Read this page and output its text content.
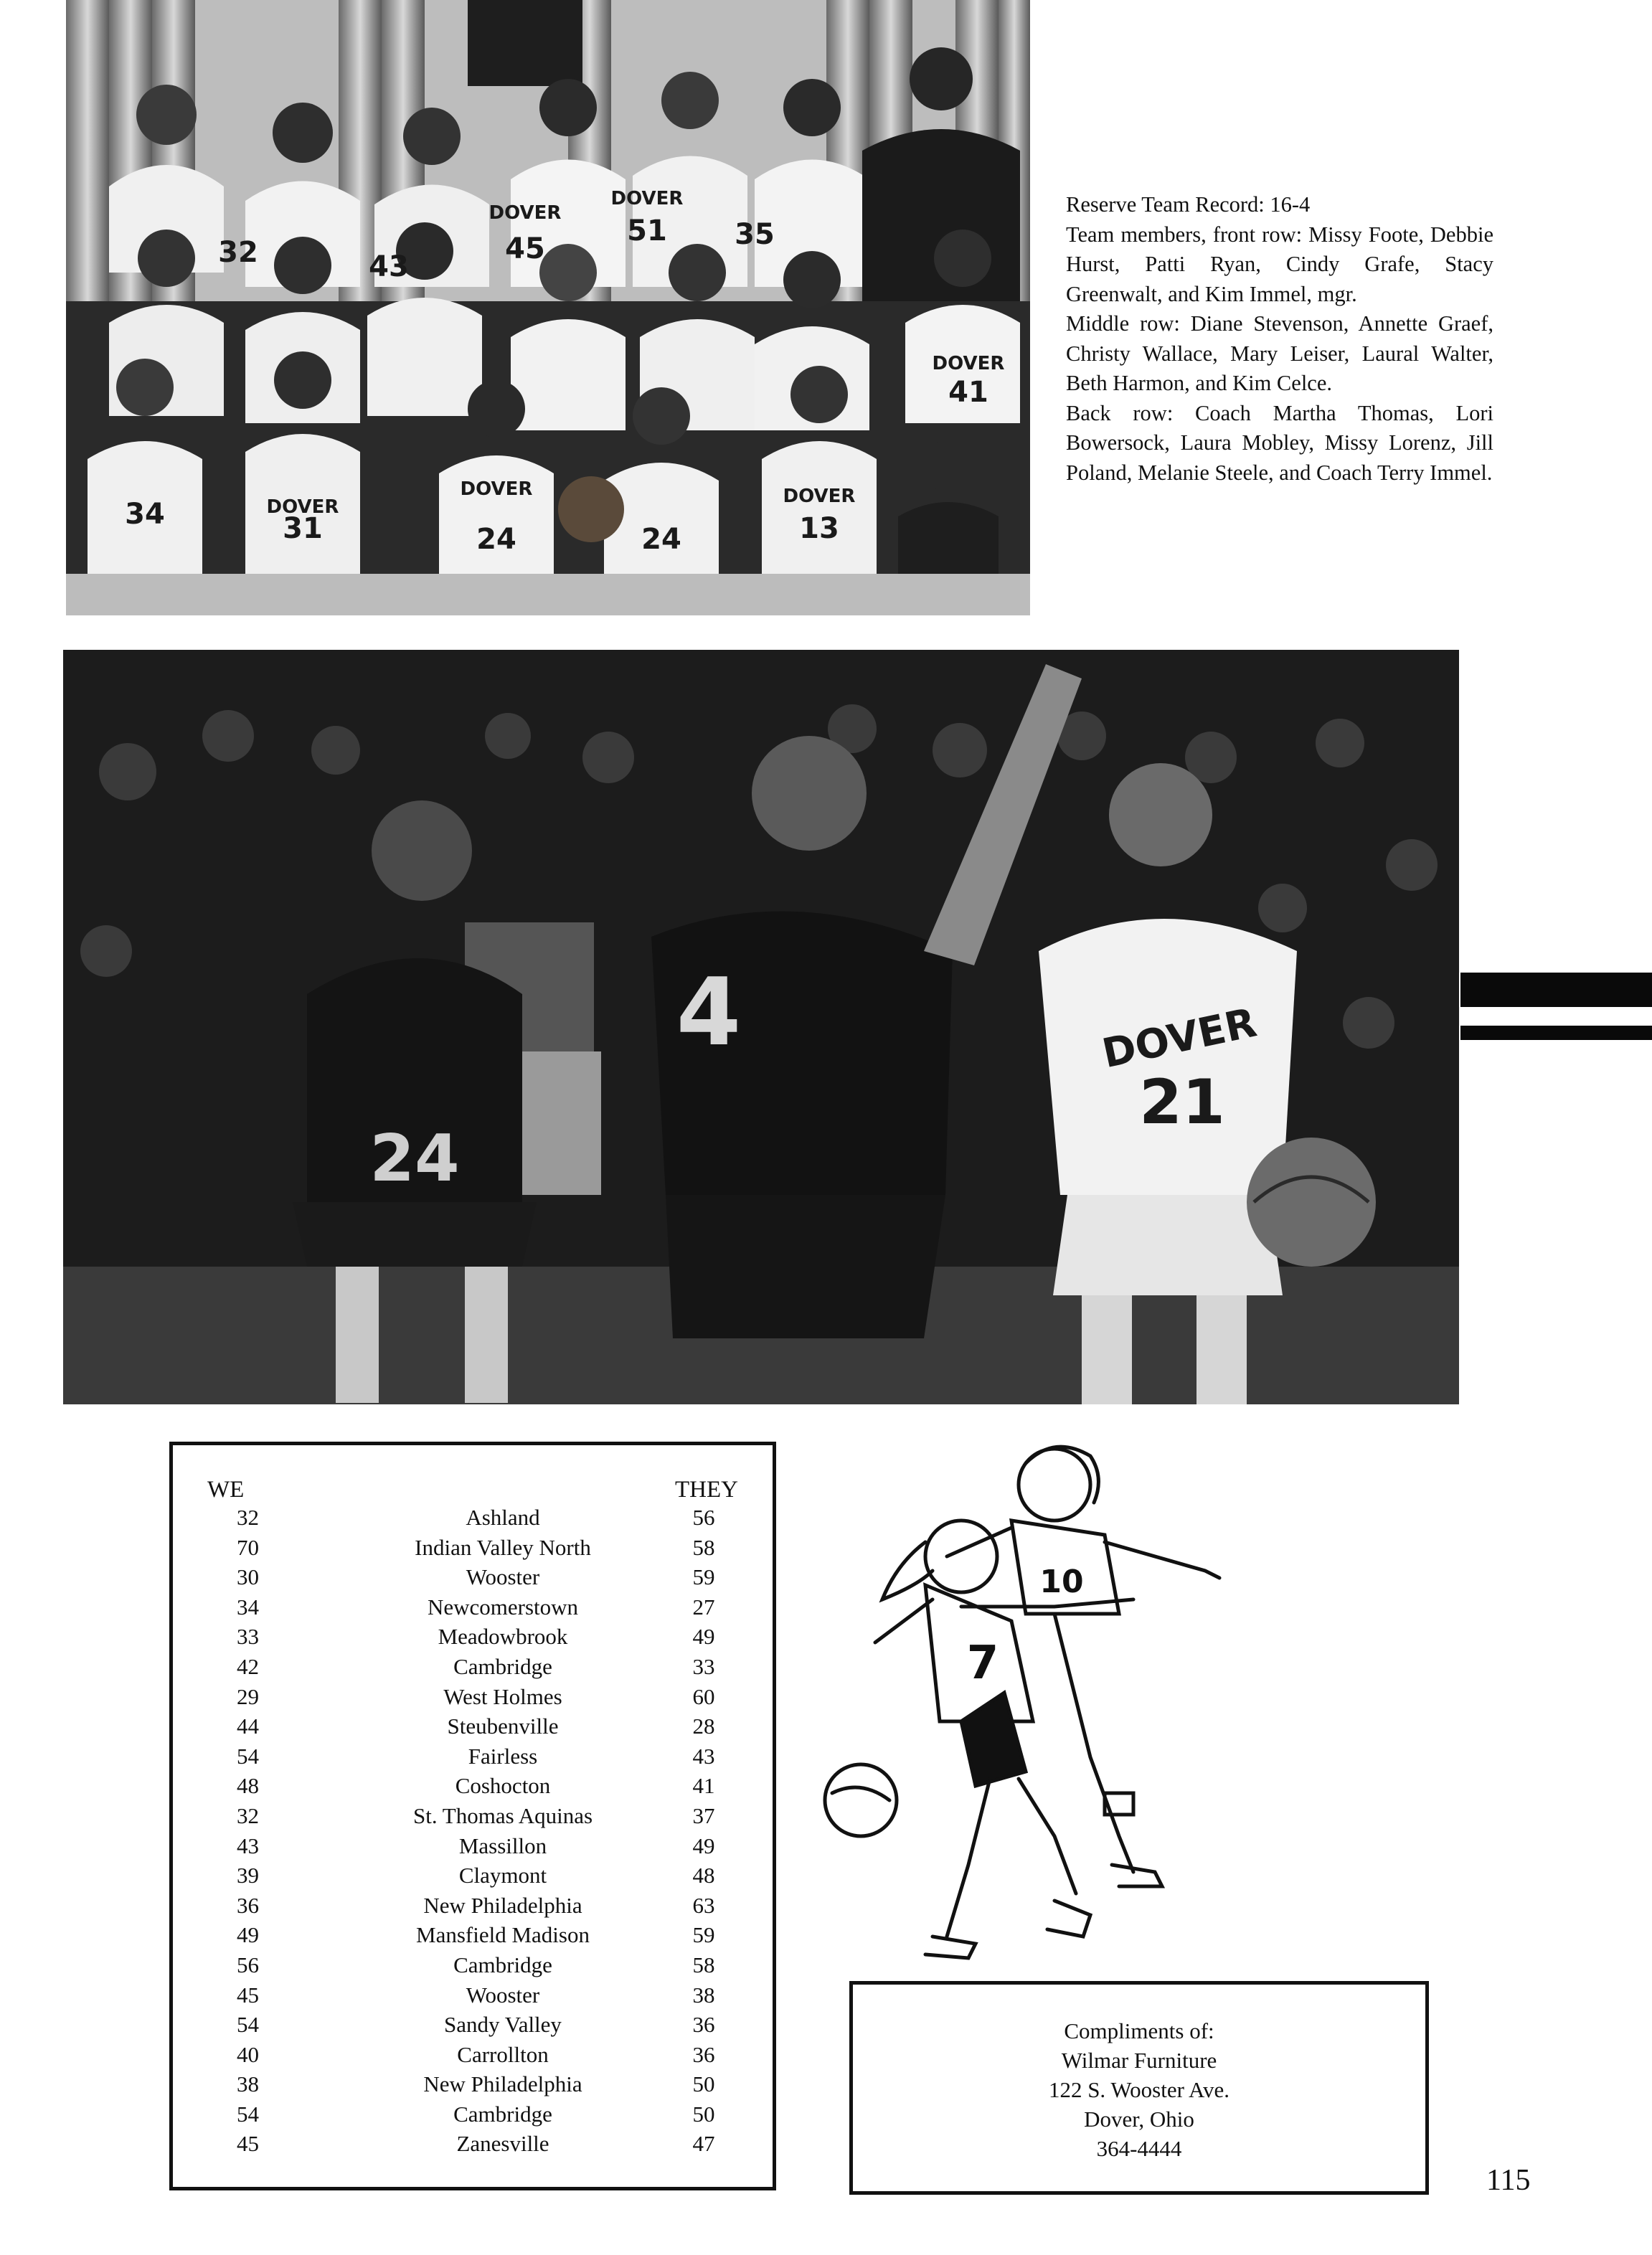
32	43
45
51 35
41
34	31	24	24	13
DOVER
DOVER
DOVER
DOVER
DOVER	DOVER

Reserve Team Record: 16-4

Team members, front row: Missy Foote, Debbie Hurst, Patti Ryan, Cindy Grafe, Stacy Greenwalt, and Kim Immel, mgr.

Middle row: Diane Stevenson, Annette Graef, Christy Wallace, Mary Leiser, Laural Walter, Beth Harmon, and Kim Celce.

Back row: Coach Martha Thomas, Lori Bowersock, Laura Mobley, Missy Lorenz, Jill Poland, Melanie Steele, and Coach Terry Immel.

DOVER
21
24
4
WE	THEY
32	Ashland	56
70	Indian Valley North	58
30	Wooster	59
34	Newcomerstown	27
33	Meadowbrook	49
42	Cambridge	33
29	West Holmes	60
44	Steubenville	28
54	Fairless	43
48	Coshocton	41
32	St. Thomas Aquinas	37
43	Massillon	49
39	Claymont	48
36	New Philadelphia	63
49	Mansfield Madison	59
56	Cambridge	58
45	Wooster	38
54	Sandy Valley	36
40	Carrollton	36
38	New Philadelphia	50
54	Cambridge	50
45	Zanesville	47
7
10
Compliments of:
Wilmar Furniture
122 S. Wooster Ave.
Dover, Ohio
364-4444
115
